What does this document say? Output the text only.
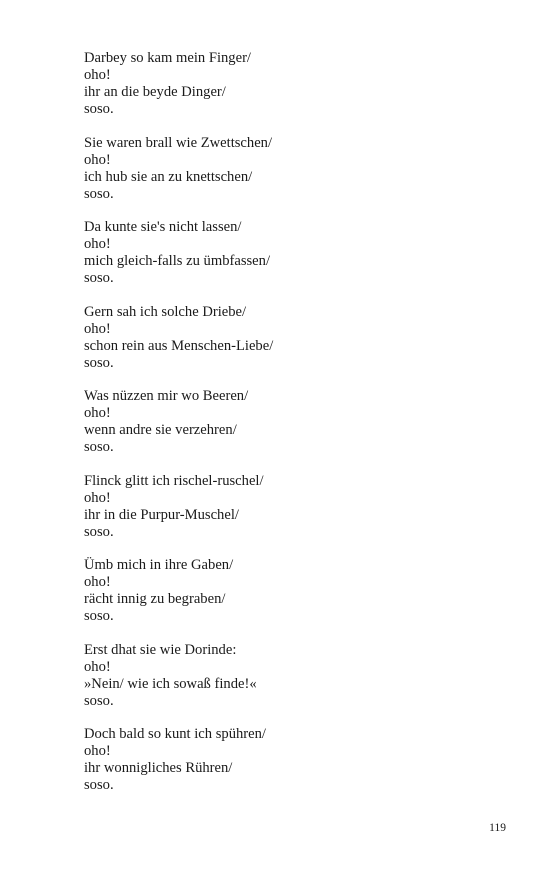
Darbey so kam mein Finger/
oho!
ihr an die beyde Dinger/
soso.
Sie waren brall wie Zwettschen/
oho!
ich hub sie an zu knettschen/
soso.
Da kunte sie's nicht lassen/
oho!
mich gleich-falls zu ümbfassen/
soso.
Gern sah ich solche Driebe/
oho!
schon rein aus Menschen-Liebe/
soso.
Was nüzzen mir wo Beeren/
oho!
wenn andre sie verzehren/
soso.
Flinck glitt ich rischel-ruschel/
oho!
ihr in die Purpur-Muschel/
soso.
Ümb mich in ihre Gaben/
oho!
rächt innig zu begraben/
soso.
Erst dhat sie wie Dorinde:
oho!
»Nein/ wie ich sowaß finde!«
soso.
Doch bald so kunt ich spühren/
oho!
ihr wonnigliches Rühren/
soso.
119
